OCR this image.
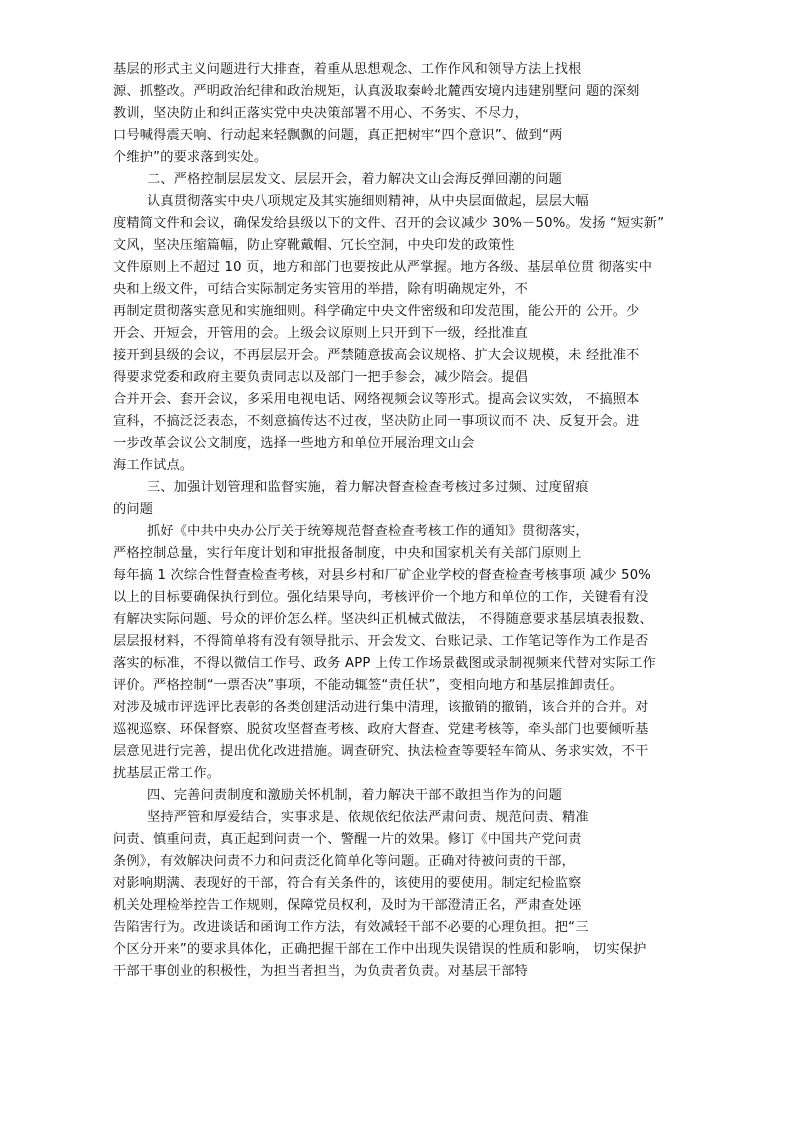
基层的形式主义问题进行大排查，着重从思想观念、工作作风和领导方法上找根
源、抓整改。严明政治纪律和政治规矩，认真汲取秦岭北麓西安境内违建别墅问 题的深刻
教训，坚决防止和纠正落实党中央决策部署不用心、不务实、不尽力，
口号喊得震天响、行动起来轻飘飘的问题，真正把树牢“四个意识”、做到“两
个维护”的要求落到实处。
二、严格控制层层发文、层层开会，着力解决文山会海反弹回潮的问题
认真贯彻落实中央八项规定及其实施细则精神，从中央层面做起，层层大幅
度精简文件和会议，确保发给县级以下的文件、召开的会议减少 30%－50%。发扬 “短实新”
文风，坚决压缩篇幅，防止穿靴戴帽、冗长空洞，中央印发的政策性
文件原则上不超过 10 页，地方和部门也要按此从严掌握。地方各级、基层单位贯 彻落实中
央和上级文件，可结合实际制定务实管用的举措，除有明确规定外，不
再制定贯彻落实意见和实施细则。科学确定中央文件密级和印发范围，能公开的 公开。少
开会、开短会，开管用的会。上级会议原则上只开到下一级，经批准直
接开到县级的会议，不再层层开会。严禁随意拔高会议规格、扩大会议规模，未 经批准不
得要求党委和政府主要负责同志以及部门一把手参会，减少陪会。提倡
合并开会、套开会议，多采用电视电话、网络视频会议等形式。提高会议实效， 不搞照本
宣科，不搞泛泛表态，不刻意搞传达不过夜，坚决防止同一事项议而不 决、反复开会。进
一步改革会议公文制度，选择一些地方和单位开展治理文山会
海工作试点。
三、加强计划管理和监督实施，着力解决督查检查考核过多过频、过度留痕
的问题
抓好《中共中央办公厅关于统筹规范督查检查考核工作的通知》贯彻落实，
严格控制总量，实行年度计划和审批报备制度，中央和国家机关有关部门原则上
每年搞 1 次综合性督查检查考核，对县乡村和厂矿企业学校的督查检查考核事项 减少 50%
以上的目标要确保执行到位。强化结果导向，考核评价一个地方和单位的工作，关键看有没
有解决实际问题、号众的评价怎么样。坚决纠正机械式做法， 不得随意要求基层填表报数、
层层报材料，不得简单将有没有领导批示、开会发文、台账记录、工作笔记等作为工作是否
落实的标准，不得以微信工作号、政务 APP 上传工作场景截图或录制视频来代替对实际工作
评价。严格控制“一票否决”事项，不能动辄签“责任状”，变相向地方和基层推卸责任。
对涉及城市评选评比表彰的各类创建活动进行集中清理，该撤销的撤销，该合并的合并。对
巡视巡察、环保督察、脱贫攻坚督查考核、政府大督查、党建考核等，牵头部门也要倾听基
层意见进行完善，提出优化改进措施。调查研究、执法检查等要轻车简从、务求实效，不干
扰基层正常工作。
四、完善问责制度和激励关怀机制，着力解决干部不敢担当作为的问题
坚持严管和厚爱结合，实事求是、依规依纪依法严肃问责、规范问责、精准
问责、慎重问责，真正起到问责一个、警醒一片的效果。修订《中国共产党问责
条例》，有效解决问责不力和问责泛化简单化等问题。正确对待被问责的干部，
对影响期满、表现好的干部，符合有关条件的，该使用的要使用。制定纪检监察
机关处理检举控告工作规则，保障党员权利，及时为干部澄清正名，严肃查处诬
告陷害行为。改进谈话和函询工作方法，有效减轻干部不必要的心理负担。把“三
个区分开来”的要求具体化，正确把握干部在工作中出现失误错误的性质和影响， 切实保护
干部干事创业的积极性，为担当者担当，为负责者负责。对基层干部特
